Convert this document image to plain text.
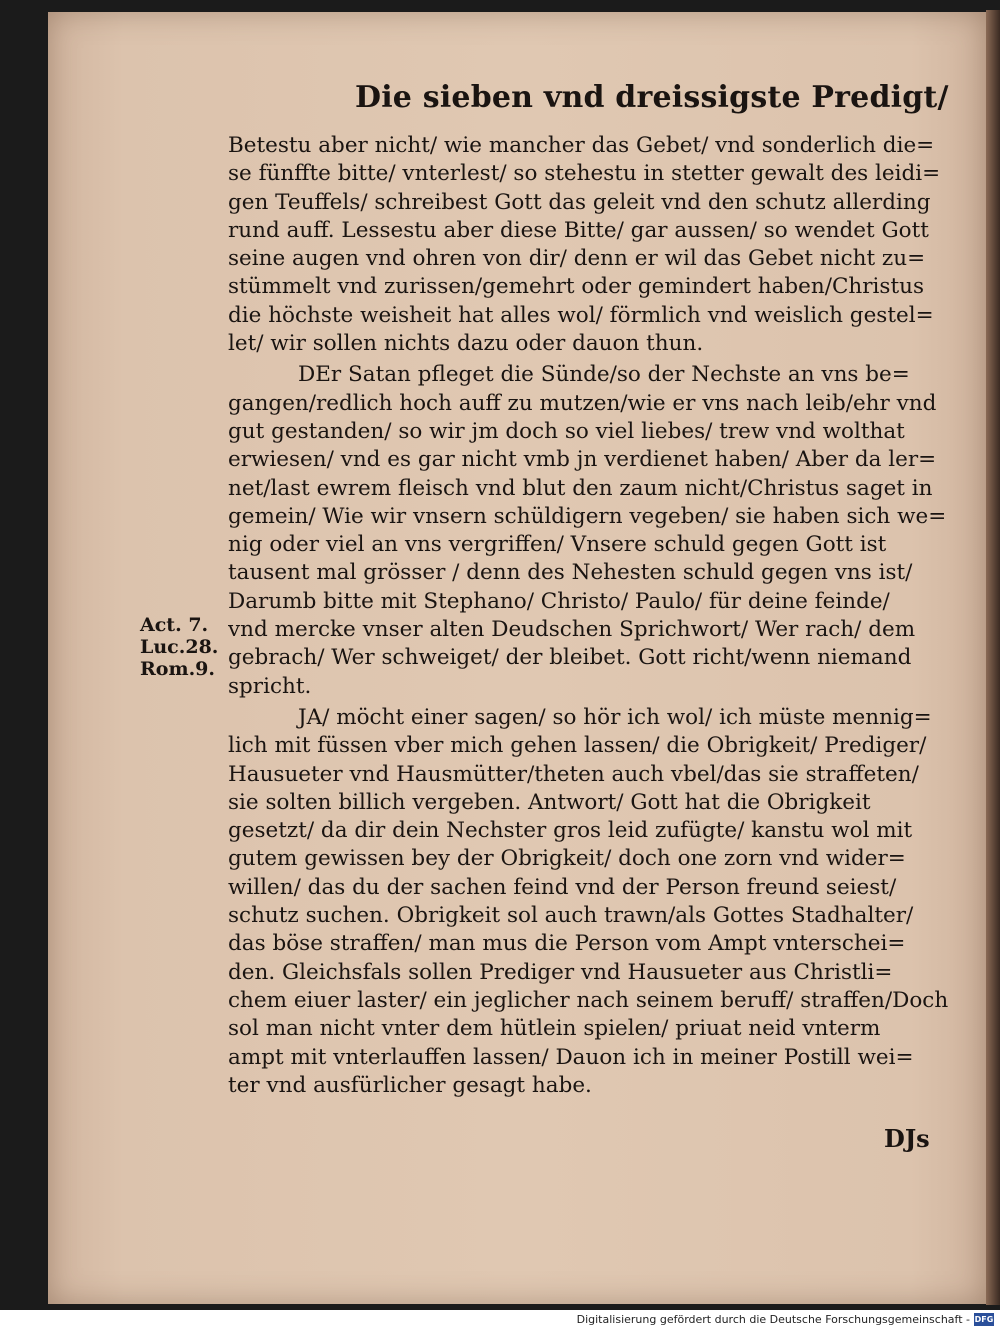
Die sieben vnd dreissigste Predigt/
Betestu aber nicht/ wie mancher das Gebet/ vnd sonderlich die=
se fünffte bitte/ vnterlest/ so stehestu in stetter gewalt des leidi=
gen Teuffels/ schreibest Gott das geleit vnd den schutz allerding
rund auff. Lessestu aber diese Bitte/ gar aussen/ so wendet Gott
seine augen vnd ohren von dir/ denn er wil das Gebet nicht zu=
stümmelt vnd zurissen/gemehrt oder gemindert haben/Christus
die höchste weisheit hat alles wol/ förmlich vnd weislich gestel=
let/ wir sollen nichts dazu oder dauon thun.
DEr Satan pfleget die Sünde/so der Nechste an vns be=
gangen/redlich hoch auff zu mutzen/wie er vns nach leib/ehr vnd
gut gestanden/ so wir jm doch so viel liebes/ trew vnd wolthat
erwiesen/ vnd es gar nicht vmb jn verdienet haben/ Aber da ler=
net/last ewrem fleisch vnd blut den zaum nicht/Christus saget in
gemein/ Wie wir vnsern schüldigern vegeben/ sie haben sich we=
nig oder viel an vns vergriffen/ Vnsere schuld gegen Gott ist
tausent mal grösser / denn des Nehesten schuld gegen vns ist/
Darumb bitte mit Stephano/ Christo/ Paulo/ für deine feinde/
vnd mercke vnser alten Deudschen Sprichwort/ Wer rach/ dem
gebrach/ Wer schweiget/ der bleibet. Gott richt/wenn niemand
spricht.
JA/ möcht einer sagen/ so hör ich wol/ ich müste mennig=
lich mit füssen vber mich gehen lassen/ die Obrigkeit/ Prediger/
Hausueter vnd Hausmütter/theten auch vbel/das sie straffeten/
sie solten billich vergeben. Antwort/ Gott hat die Obrigkeit
gesetzt/ da dir dein Nechster gros leid zufügte/ kanstu wol mit
gutem gewissen bey der Obrigkeit/ doch one zorn vnd wider=
willen/ das du der sachen feind vnd der Person freund seiest/
schutz suchen. Obrigkeit sol auch trawn/als Gottes Stadhalter/
das böse straffen/ man mus die Person vom Ampt vnterschei=
den. Gleichsfals sollen Prediger vnd Hausueter aus Christli=
chem eiuer laster/ ein jeglicher nach seinem beruff/ straffen/Doch
sol man nicht vnter dem hütlein spielen/ priuat neid vnterm
ampt mit vnterlauffen lassen/ Dauon ich in meiner Postill wei=
ter vnd ausfürlicher gesagt habe.
Act. 7.
Luc.28.
Rom.9.
DJs
Digitalisierung gefördert durch die Deutsche Forschungsgemeinschaft - DFG
